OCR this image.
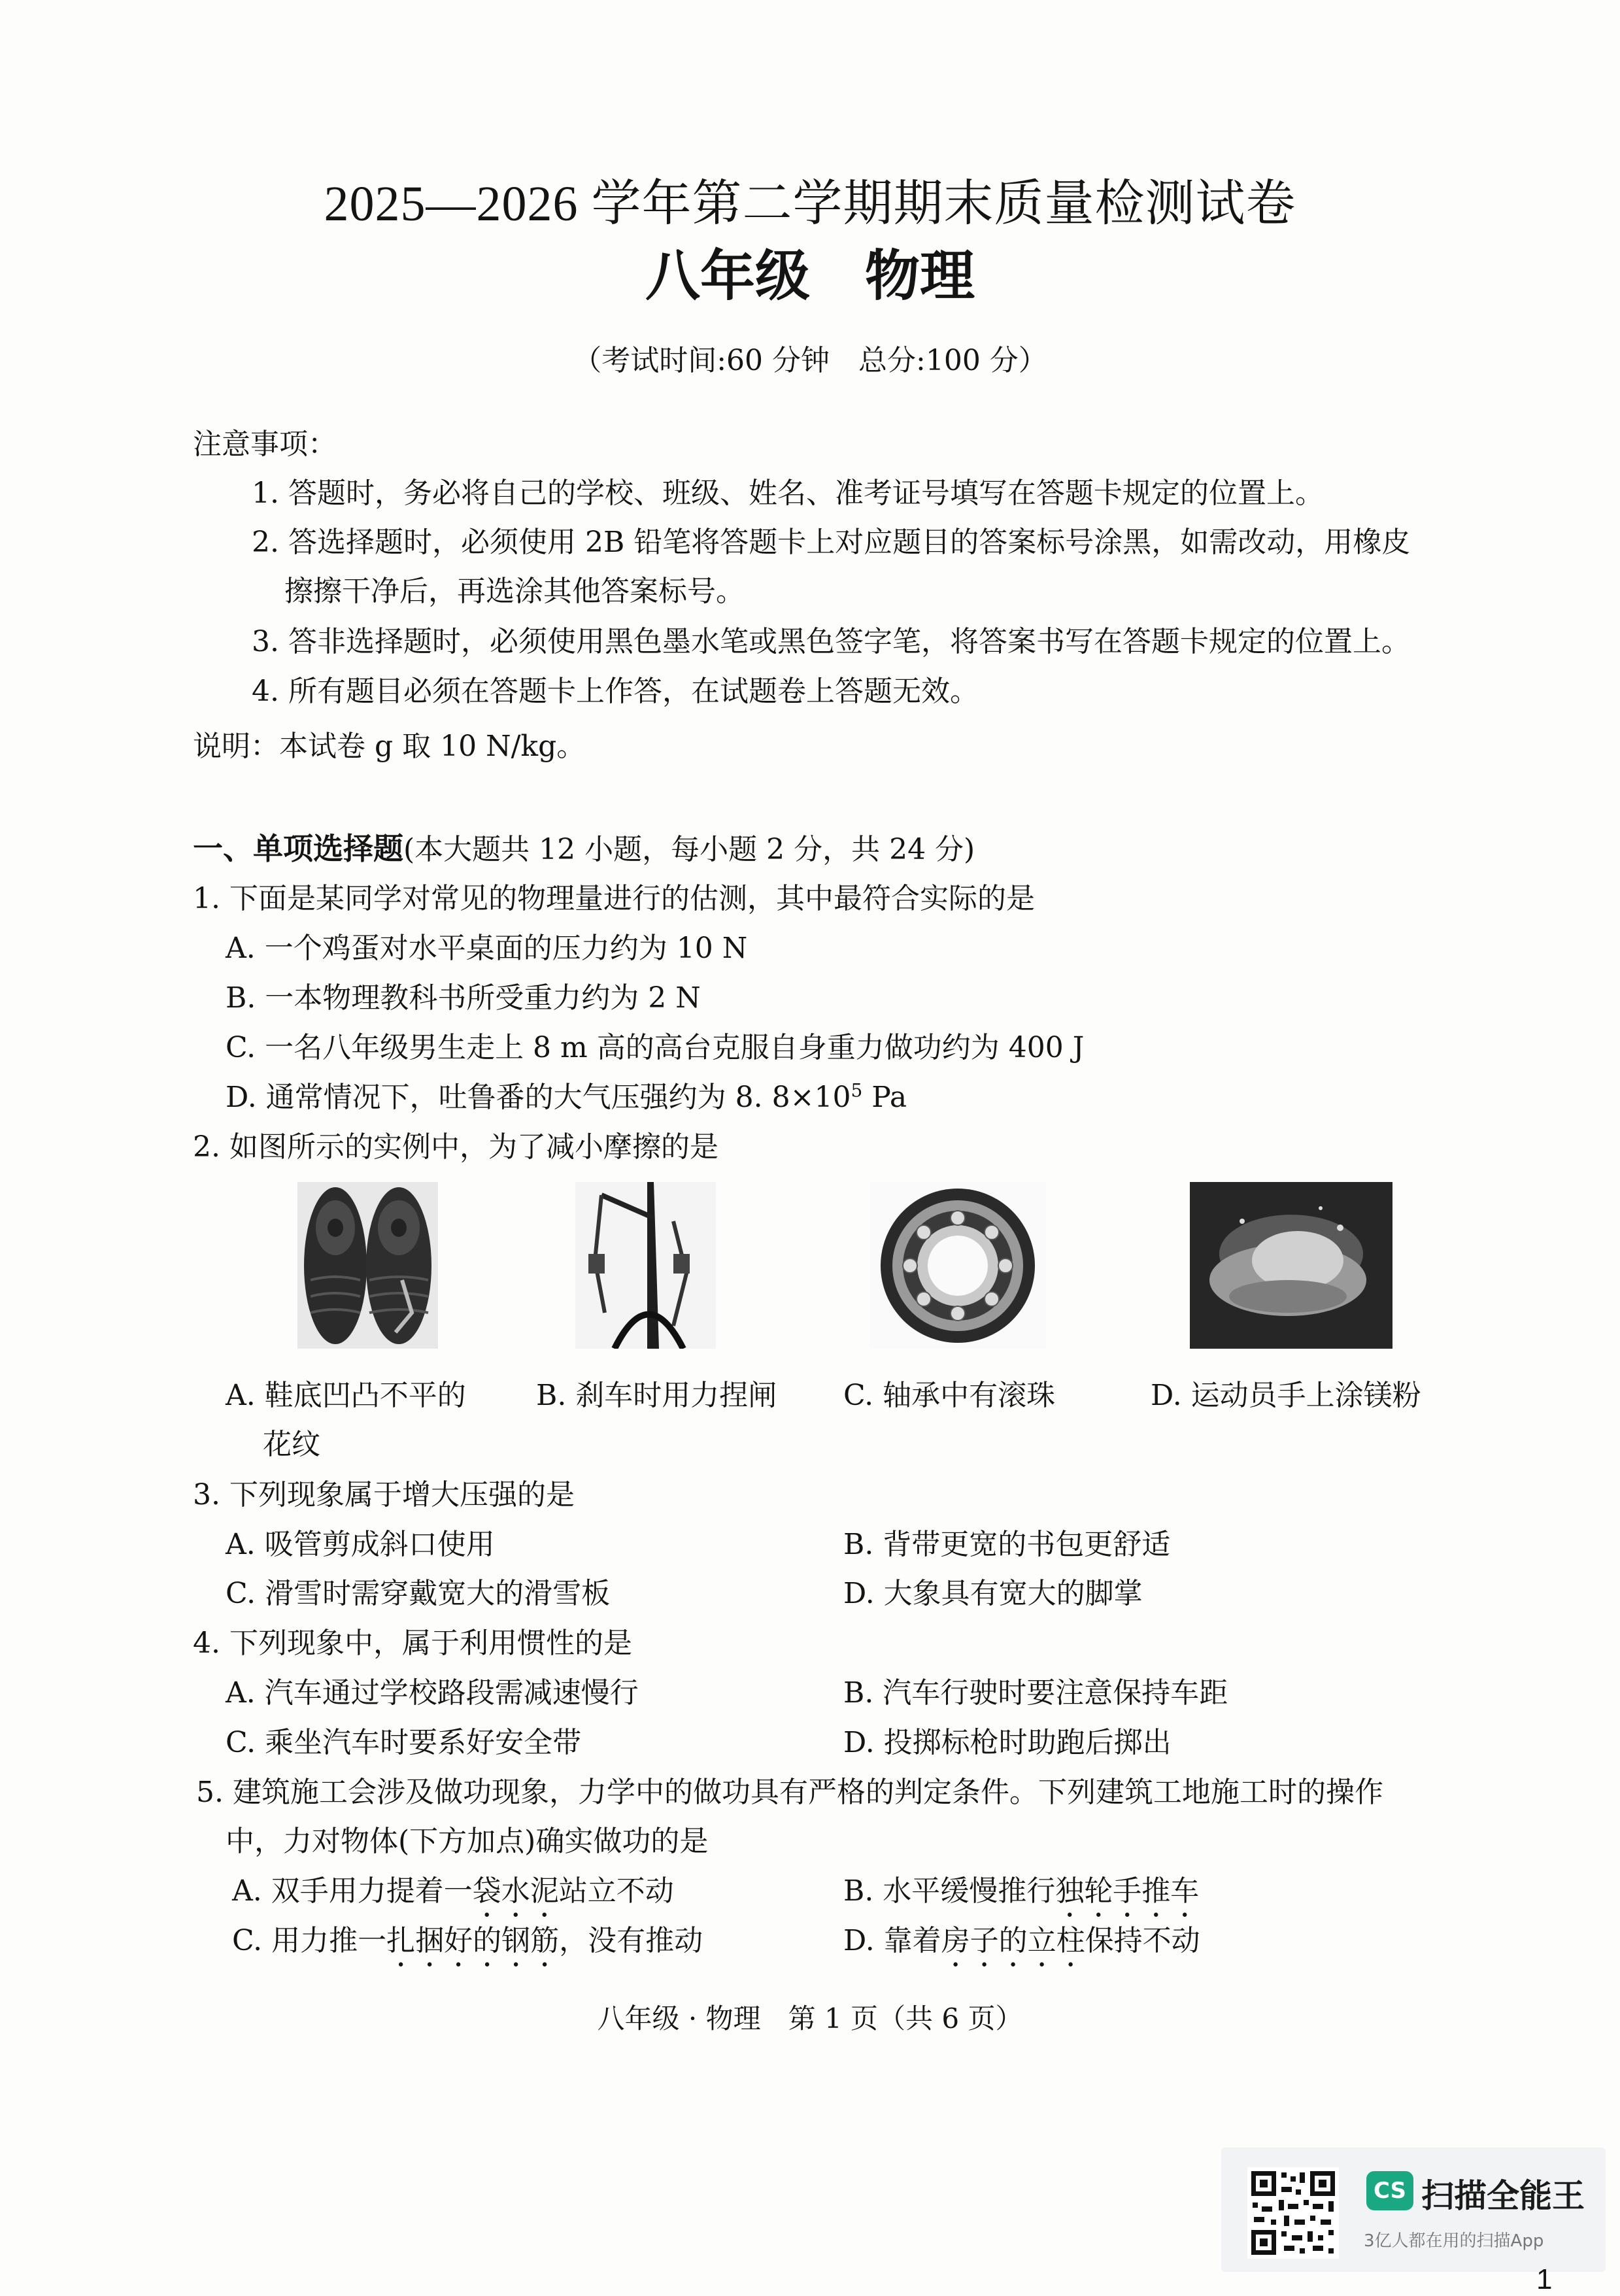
2025—2026 学年第二学期期末质量检测试卷
八年级　物理
（考试时间:60 分钟　总分:100 分）
注意事项：
1. 答题时，务必将自己的学校、班级、姓名、准考证号填写在答题卡规定的位置上。
2. 答选择题时，必须使用 2B 铅笔将答题卡上对应题目的答案标号涂黑，如需改动，用橡皮
擦擦干净后，再选涂其他答案标号。
3. 答非选择题时，必须使用黑色墨水笔或黑色签字笔，将答案书写在答题卡规定的位置上。
4. 所有题目必须在答题卡上作答，在试题卷上答题无效。
说明：本试卷 g 取 10 N/kg。
一、单项选择题(本大题共 12 小题，每小题 2 分，共 24 分)
1. 下面是某同学对常见的物理量进行的估测，其中最符合实际的是
A. 一个鸡蛋对水平桌面的压力约为 10 N
B. 一本物理教科书所受重力约为 2 N
C. 一名八年级男生走上 8 m 高的高台克服自身重力做功约为 400 J
D. 通常情况下，吐鲁番的大气压强约为 8. $8\times 10^5$ Pa
2. 如图所示的实例中，为了减小摩擦的是
A. 鞋底凹凸不平的
花纹
B. 刹车时用力捏闸 C. 轴承中有滚珠	D. 运动员手上涂镁粉
3. 下列现象属于增大压强的是
A. 吸管剪成斜口使用	B. 背带更宽的书包更舒适
C. 滑雪时需穿戴宽大的滑雪板	D. 大象具有宽大的脚掌
4. 下列现象中，属于利用惯性的是
A. 汽车通过学校路段需减速慢行	B. 汽车行驶时要注意保持车距
C. 乘坐汽车时要系好安全带	D. 投掷标枪时助跑后掷出
5. 建筑施工会涉及做功现象，力学中的做功具有严格的判定条件。下列建筑工地施工时的操作
中，力对物体(下方加点)确实做功的是
A. 双手用力提着一袋水泥站立不动	B. 水平缓慢推行独轮手推车
C. 用力推一扎捆好的钢筋，没有推动	D. 靠着房子的立柱保持不动
八年级 · 物理　第 1 页（共 6 页）
CS 扫描全能王
3亿人都在用的扫描App
1
